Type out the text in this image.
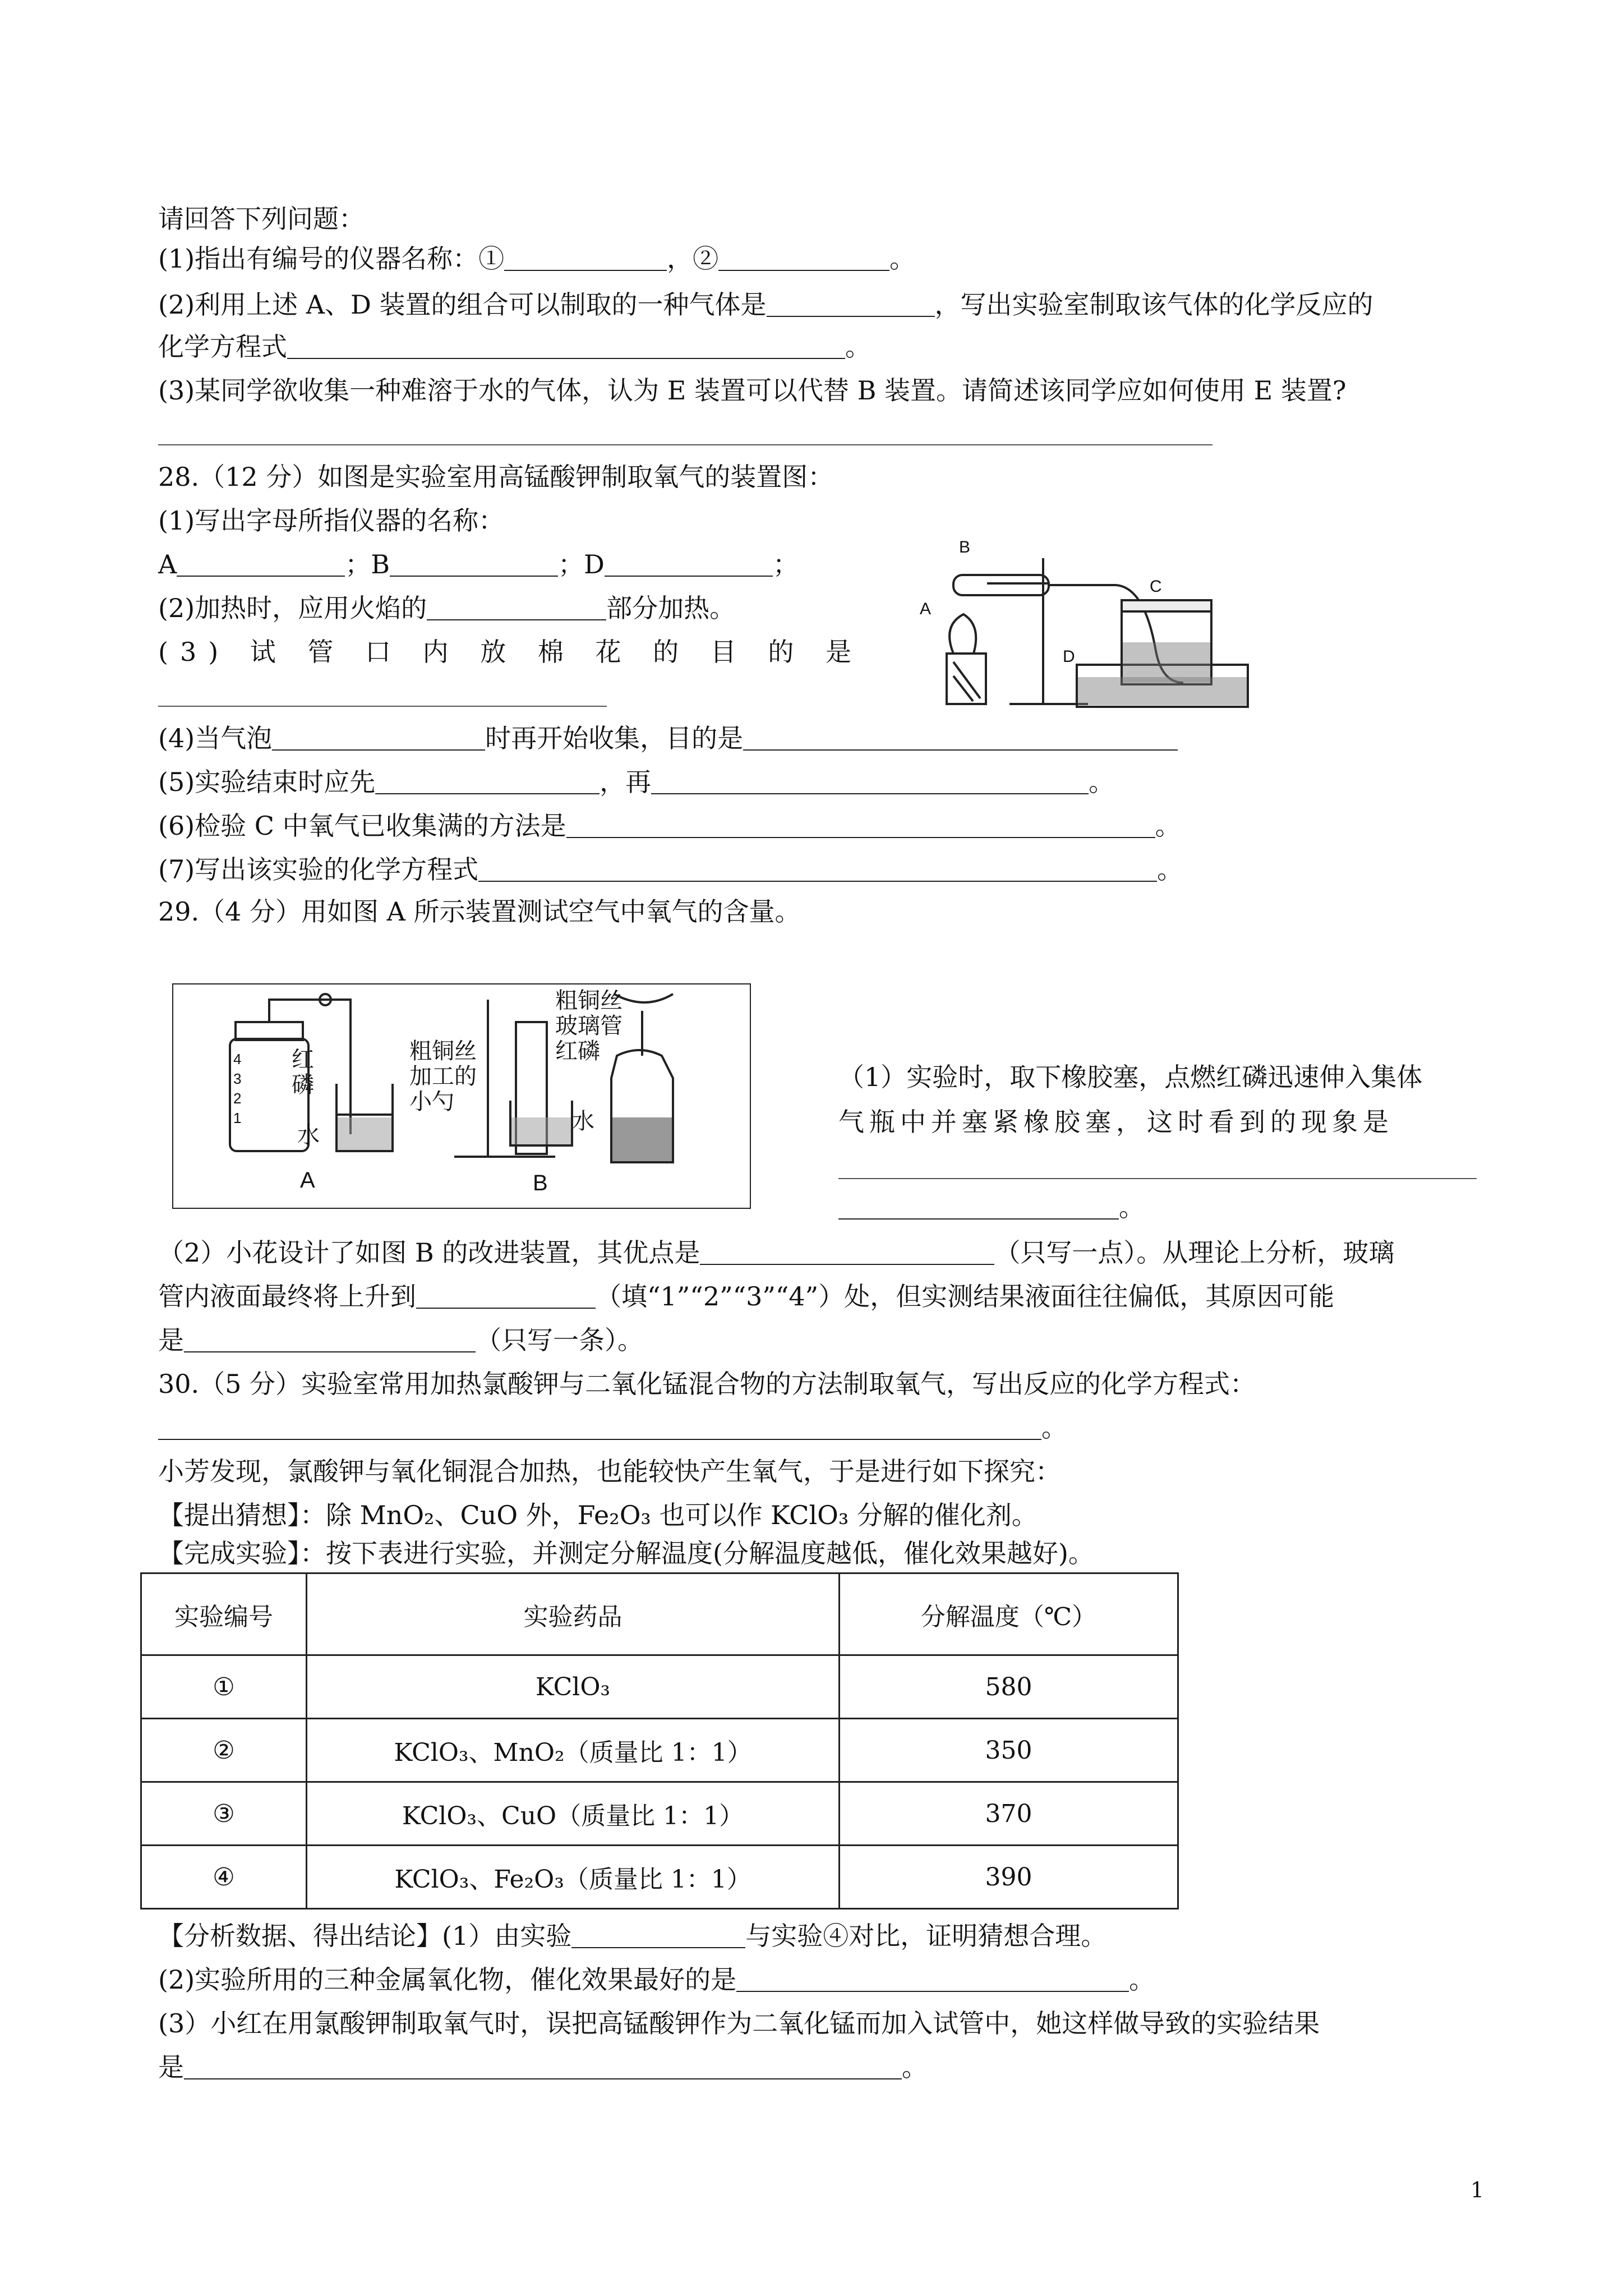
请回答下列问题：
(1)指出有编号的仪器名称：①	，②	。
(2)利用上述 A、D 装置的组合可以制取的一种气体是	，写出实验室制取该气体的化学反应的
化学方程式	。
(3)某同学欲收集一种难溶于水的气体，认为 E 装置可以代替 B 装置。请简述该同学应如何使用 E 装置?
28.（12 分）如图是实验室用高锰酸钾制取氧气的装置图：
(1)写出字母所指仪器的名称：
A	；B	；D	；
(2)加热时，应用火焰的	部分加热。
(3) 试 管 口 内 放 棉 花 的 目 的 是
(4)当气泡	时再开始收集，目的是
(5)实验结束时应先	，再	。
(6)检验 C 中氧气已收集满的方法是	。
(7)写出该实验的化学方程式	。
B
A
C
D
29.（4 分）用如图 A 所示装置测试空气中氧气的含量。
红
磷
水
A
粗铜丝
加工的
小勺
粗铜丝
玻璃管
红磷
水
B
4
3
2
1
（1）实验时，取下橡胶塞，点燃红磷迅速伸入集体
气瓶中并塞紧橡胶塞，这时看到的现象是
。
（2）小花设计了如图 B 的改进装置，其优点是	（只写一点）。从理论上分析，玻璃
管内液面最终将上升到	（填“1”“2”“3”“4”）处，但实测结果液面往往偏低，其原因可能
是	（只写一条）。
30.（5 分）实验室常用加热氯酸钾与二氧化锰混合物的方法制取氧气，写出反应的化学方程式：
。
小芳发现，氯酸钾与氧化铜混合加热，也能较快产生氧气，于是进行如下探究：
【提出猜想】：除 MnO₂、CuO 外，Fe₂O₃ 也可以作 KClO₃ 分解的催化剂。
【完成实验】：按下表进行实验，并测定分解温度(分解温度越低，催化效果越好)。
实验编号	实验药品	分解温度（℃）
①	KClO₃	580
②	KClO₃、MnO₂（质量比 1：1）	350
③	KClO₃、CuO（质量比 1：1）	370
④	KClO₃、Fe₂O₃（质量比 1：1）	390
【分析数据、得出结论】(1）由实验	与实验④对比，证明猜想合理。
(2)实验所用的三种金属氧化物，催化效果最好的是	。
(3）小红在用氯酸钾制取氧气时，误把高锰酸钾作为二氧化锰而加入试管中，她这样做导致的实验结果
是	。
1
